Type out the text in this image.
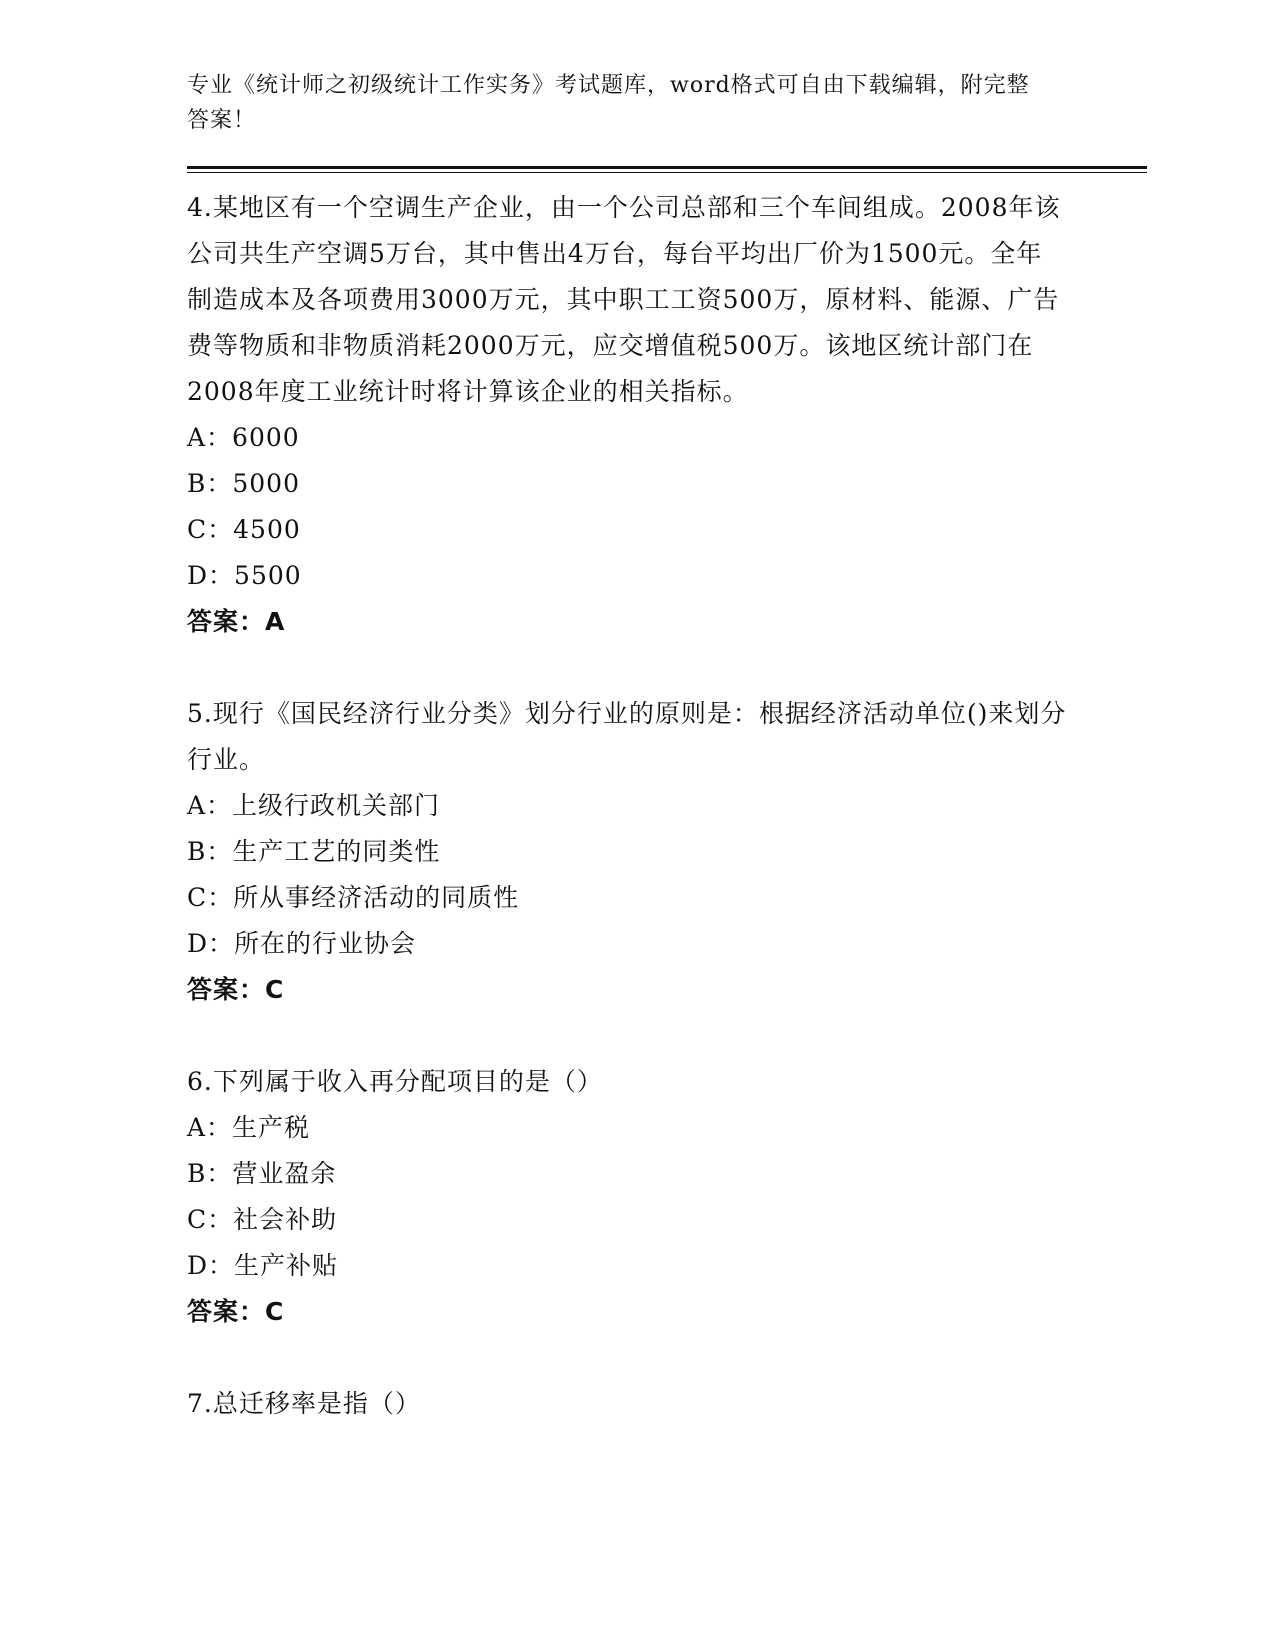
专业《统计师之初级统计工作实务》考试题库，word格式可自由下载编辑，附完整答案！
4.某地区有一个空调生产企业，由一个公司总部和三个车间组成。2008年该公司共生产空调5万台，其中售出4万台，每台平均出厂价为1500元。全年制造成本及各项费用3000万元，其中职工工资500万，原材料、能源、广告费等物质和非物质消耗2000万元，应交增值税500万。该地区统计部门在2008年度工业统计时将计算该企业的相关指标。
A：6000
B：5000
C：4500
D：5500
答案：A
5.现行《国民经济行业分类》划分行业的原则是：根据经济活动单位()来划分行业。
A：上级行政机关部门
B：生产工艺的同类性
C：所从事经济活动的同质性
D：所在的行业协会
答案：C
6.下列属于收入再分配项目的是（）
A：生产税
B：营业盈余
C：社会补助
D：生产补贴
答案：C
7.总迁移率是指（）
